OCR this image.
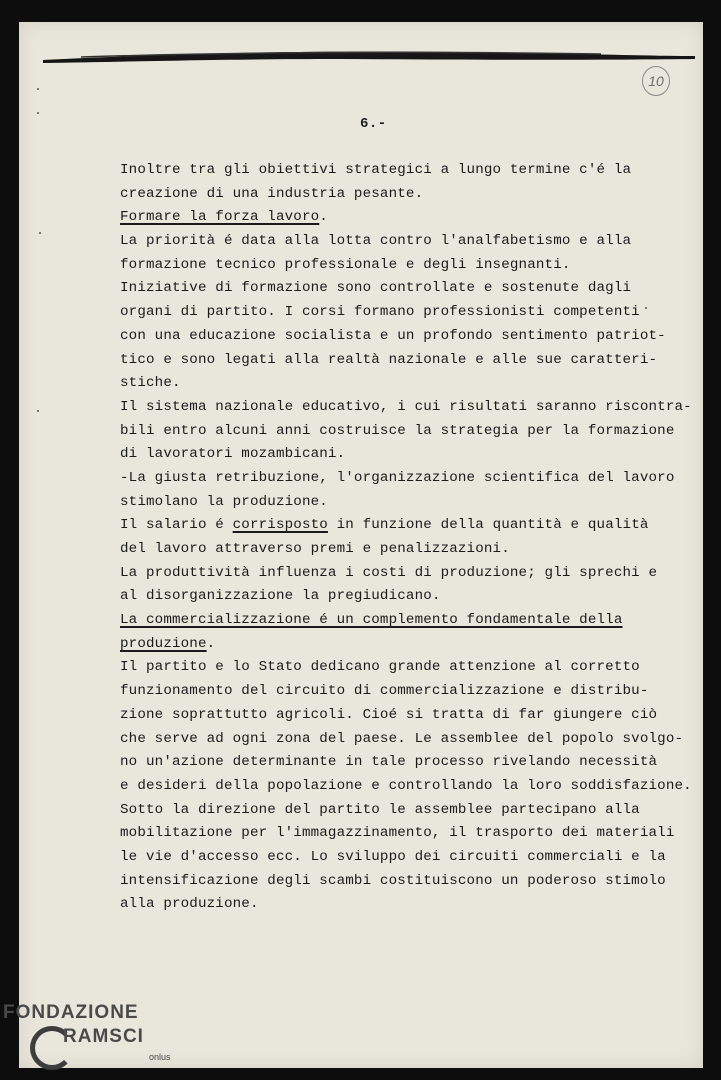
10
6.-
Inoltre tra gli obiettivi strategici a lungo termine c'é la
creazione di una industria pesante.
Formare la forza lavoro.
La priorità é data alla lotta contro l'analfabetismo e alla
formazione tecnico professionale e degli insegnanti.
Iniziative di formazione sono controllate e sostenute dagli
organi di partito. I corsi formano professionisti competenti
con una educazione socialista e un profondo sentimento patriot-
tico e sono legati alla realtà nazionale e alle sue caratteri-
stiche.
Il sistema nazionale educativo, i cui risultati saranno riscontra-
bili entro alcuni anni costruisce la strategia per la formazione
di lavoratori mozambicani.
-La giusta retribuzione, l'organizzazione scientifica del lavoro
stimolano la produzione.
Il salario é corrisposto in funzione della quantità e qualità
del lavoro attraverso premi e penalizzazioni.
La produttività influenza i costi di produzione; gli sprechi e
al disorganizzazione la pregiudicano.
La commercializzazione é un complemento fondamentale della
produzione.
Il partito e lo Stato dedicano grande attenzione al corretto
funzionamento del circuito di commercializzazione e distribu-
zione soprattutto agricoli. Cioé si tratta di far giungere ciò
che serve ad ogni zona del paese. Le assemblee del popolo svolgo-
no un'azione determinante in tale processo rivelando necessità
e desideri della popolazione e controllando la loro soddisfazione.
Sotto la direzione del partito le assemblee partecipano alla
mobilitazione per l'immagazzinamento, il trasporto dei materiali
le vie d'accesso ecc. Lo sviluppo dei circuiti commerciali e la
intensificazione degli scambi costituiscono un poderoso stimolo
alla produzione.
FONDAZIONE
RAMSCI
onlus
